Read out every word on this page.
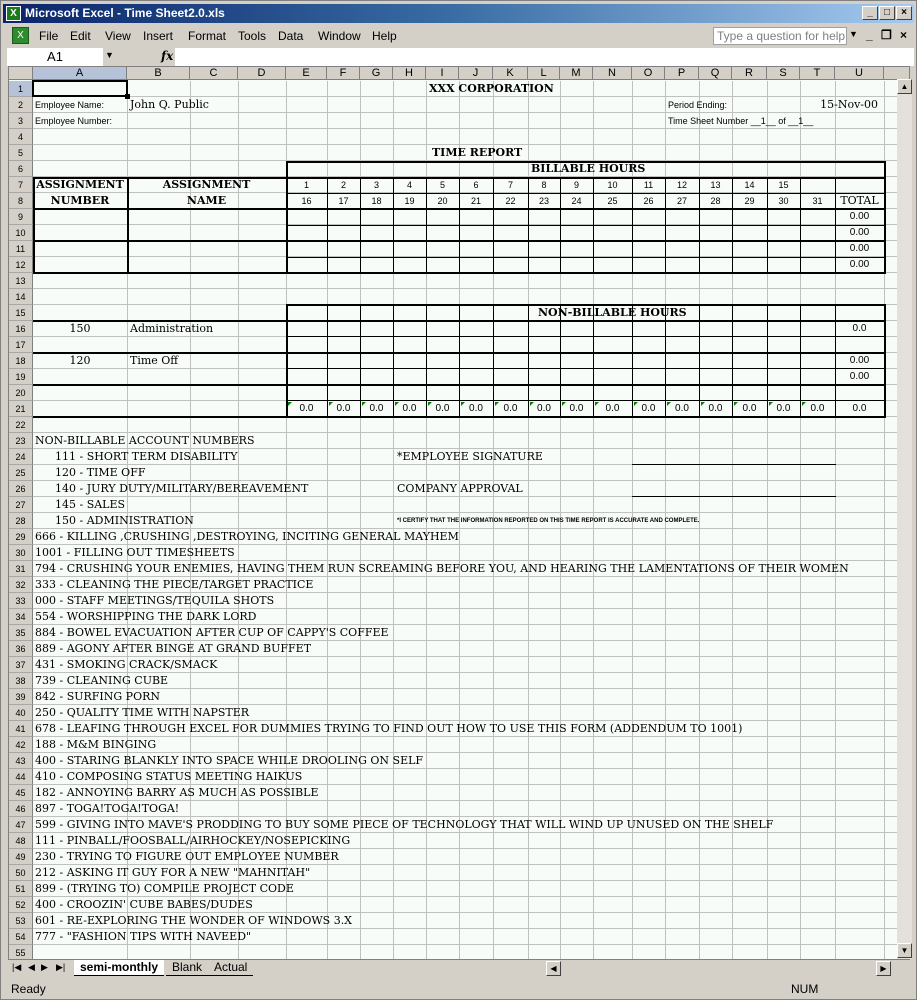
X Microsoft Excel - Time Sheet2.0.xls	_	□	×
X	File Edit View Insert Format Tools Data Window Help	Type a question for help ▼ _ ❐ ×
A1	▼	fx
A	B	C	D	E	F	G	H	I	J	K	L	M	N	O	P	Q	R	S	T	U
1
2
3
4
5
6
7
8
9
10
11
12
13
14
15
16
17
18
19
20
21
22
23
24
25
26
27
28
29
30
31
32
33
34
35
36
37
38
39
40
41
42
43
44
45
46
47
48
49
50
51
52
53
54
55
XXX CORPORATION
Employee Name: John Q. Public
Employee Number:
Period Ending:	15-Nov-00
Time Sheet Number __1__ of __1__
TIME REPORT
BILLABLE HOURS
ASSIGNMENT
NUMBER
ASSIGNMENT
NAME
1	2	3	4	5	6	7	8	9	10	11	12	13	14	15
16	17	18	19	20	21	22	23	24	25	26	27	28	29	30	31	TOTAL
0.00
0.00
0.00
0.00
NON-BILLABLE HOURS
150	Administration	0.0
120	Time Off	0.00
0.00
0.0	0.0	0.0	0.0	0.0	0.0	0.0	0.0	0.0	0.0	0.0	0.0	0.0	0.0	0.0	0.0	0.0
NON-BILLABLE ACCOUNT NUMBERS
111 - SHORT TERM DISABILITY
120 - TIME OFF
140 - JURY DUTY/MILITARY/BEREAVEMENT
145 - SALES
150 - ADMINISTRATION
*EMPLOYEE SIGNATURE
COMPANY APPROVAL
*I CERTIFY THAT THE INFORMATION REPORTED ON THIS TIME REPORT IS ACCURATE AND COMPLETE.
666 - KILLING ,CRUSHING ,DESTROYING, INCITING GENERAL MAYHEM
1001 - FILLING OUT TIMESHEETS
794 - CRUSHING YOUR ENEMIES, HAVING THEM RUN SCREAMING BEFORE YOU, AND HEARING THE LAMENTATIONS OF THEIR WOMEN
333 - CLEANING THE PIECE/TARGET PRACTICE
000 - STAFF MEETINGS/TEQUILA SHOTS
554 - WORSHIPPING THE DARK LORD
884 - BOWEL EVACUATION AFTER CUP OF CAPPY'S COFFEE
889 - AGONY AFTER BINGE AT GRAND BUFFET
431 - SMOKING CRACK/SMACK
739 - CLEANING CUBE
842 - SURFING PORN
250 - QUALITY TIME WITH NAPSTER
678 - LEAFING THROUGH EXCEL FOR DUMMIES TRYING TO FIND OUT HOW TO USE THIS FORM (ADDENDUM TO 1001)
188 - M&M BINGING
400 - STARING BLANKLY INTO SPACE WHILE DROOLING ON SELF
410 - COMPOSING STATUS MEETING HAIKUS
182 - ANNOYING BARRY AS MUCH AS POSSIBLE
897 - TOGA!TOGA!TOGA!
599 - GIVING INTO MAVE'S PRODDING TO BUY SOME PIECE OF TECHNOLOGY THAT WILL WIND UP UNUSED ON THE SHELF
111 - PINBALL/FOOSBALL/AIRHOCKEY/NOSEPICKING
230 - TRYING TO FIGURE OUT EMPLOYEE NUMBER
212 - ASKING IT GUY FOR A NEW "MAHNITAH"
899 - (TRYING TO) COMPILE PROJECT CODE
400 - CROOZIN' CUBE BABES/DUDES
601 - RE-EXPLORING THE WONDER OF WINDOWS 3.X
777 - "FASHION TIPS WITH NAVEED"
▲
▼
|◀ ◀ ▶ ▶|	semi-monthly	Blank Actual	◀	▶
Ready	NUM
